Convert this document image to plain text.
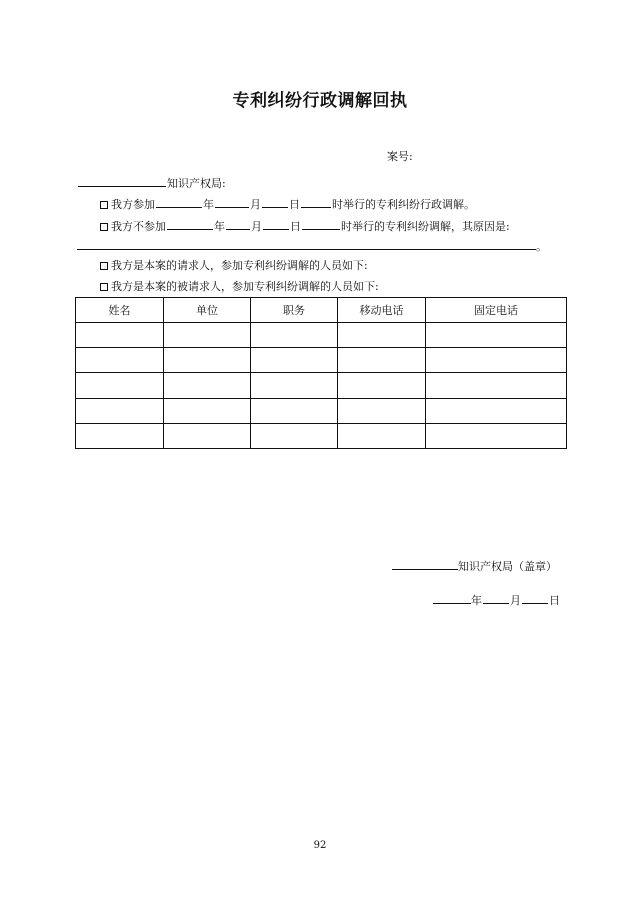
专利纠纷行政调解回执
案号:
知识产权局:
我方参加	年	月	日	时举行的专利纠纷行政调解。
我方不参加	年 月	日	时举行的专利纠纷调解，其原因是:
。
我方是本案的请求人，参加专利纠纷调解的人员如下:
我方是本案的被请求人，参加专利纠纷调解的人员如下:
姓名	单位	职务	移动电话	固定电话

知识产权局（盖章）
年	月	日
92
